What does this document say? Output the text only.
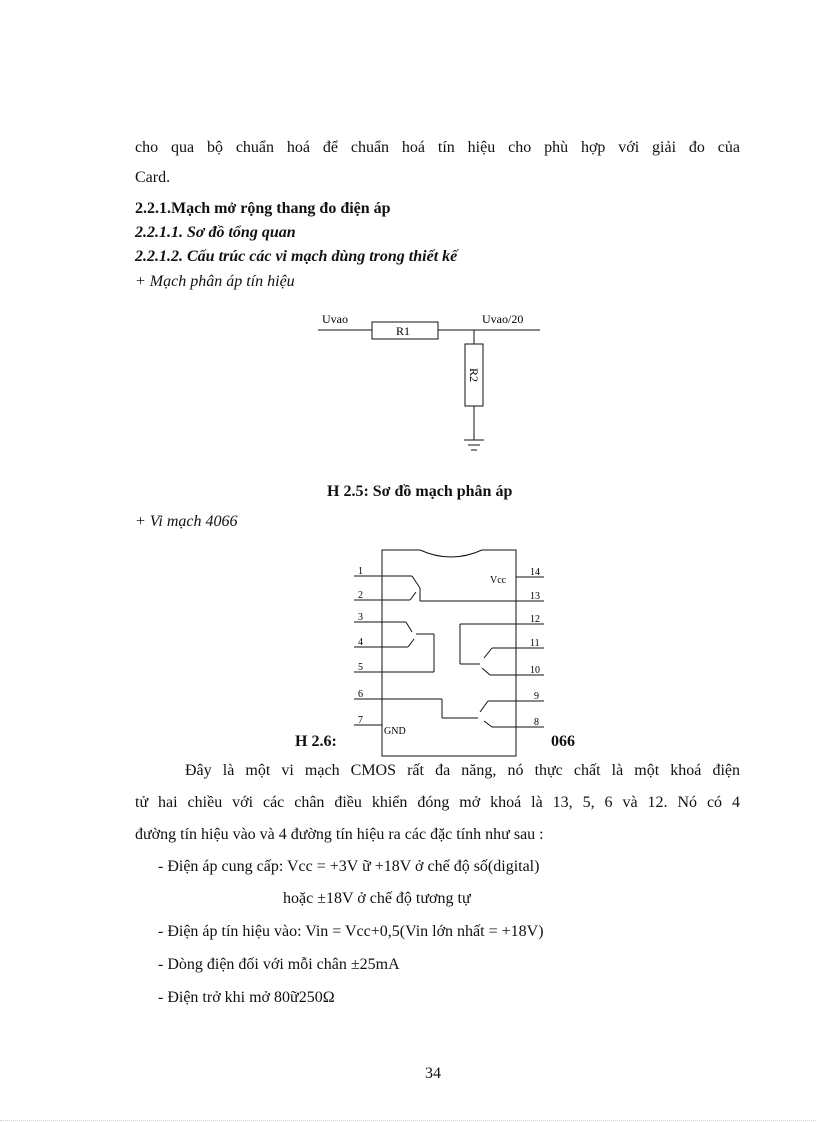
cho qua bộ chuẩn hoá để chuẩn hoá tín hiệu cho phù hợp với giải đo của
Card.
2.2.1.Mạch mở rộng thang đo điện áp
2.2.1.1. Sơ đồ tổng quan
2.2.1.2. Cấu trúc các vi mạch dùng trong thiết kế
+ Mạch phân áp tín hiệu
Uvao	Uvao/20
R1
R2
H 2.5: Sơ đồ mạch phân áp
+ Vi mạch 4066
Vcc
GND
1
2
3
4
5
6
7
14
13
12
11
10
9
8
H 2.6:	066
Đây là một vi mạch CMOS rất đa năng, nó thực chất là một khoá điện
tử hai chiều với các chân điều khiển đóng mở khoá là 13, 5, 6 và 12. Nó có 4
đường tín hiệu vào và 4 đường tín hiệu ra các đặc tính như sau :
- Điện áp cung cấp: Vcc = +3V ữ +18V ở chế độ số(digital)
hoặc ±18V ở chế độ tương tự
- Điện áp tín hiệu vào: Vin = Vcc+0,5(Vin lớn nhất = +18V)
- Dòng điện đối với mỗi chân ±25mA
- Điện trở khi mở 80ữ250Ω
34
